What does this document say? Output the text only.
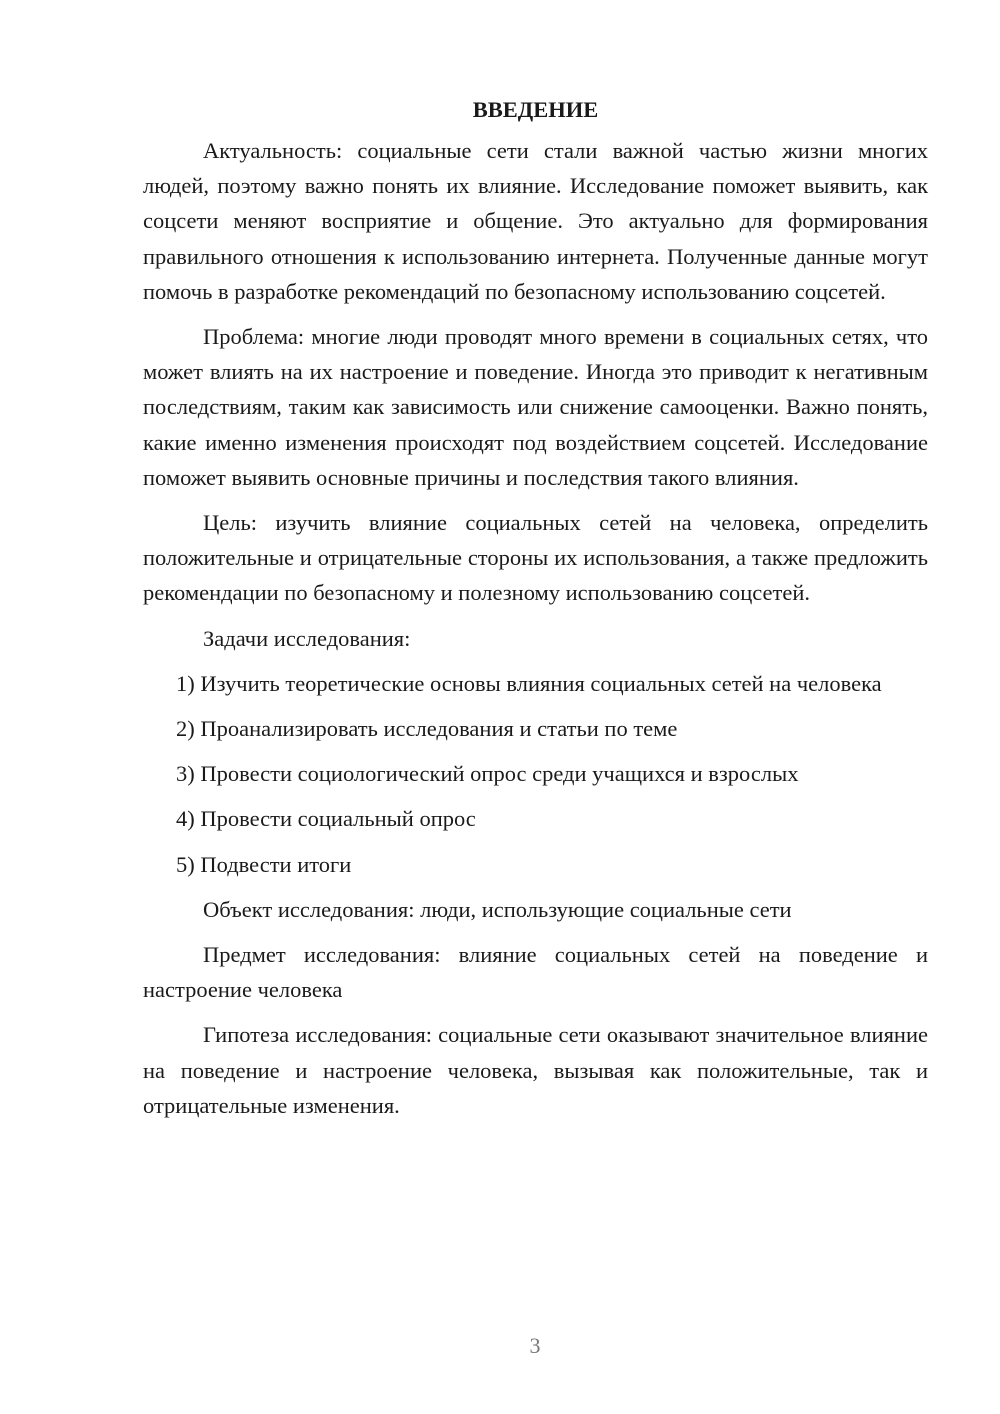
ВВЕДЕНИЕ

Актуальность: социальные сети стали важной частью жизни многих людей, поэтому важно понять их влияние. Исследование поможет выявить, как соцсети меняют восприятие и общение. Это актуально для формирования правильного отношения к использованию интернета. Полученные данные могут помочь в разработке рекомендаций по безопасному использованию соцсетей.

Проблема: многие люди проводят много времени в социальных сетях, что может влиять на их настроение и поведение. Иногда это приводит к негативным последствиям, таким как зависимость или снижение самооценки. Важно понять, какие именно изменения происходят под воздействием соцсетей. Исследование поможет выявить основные причины и последствия такого влияния.

Цель: изучить влияние социальных сетей на человека, определить положительные и отрицательные стороны их использования, а также предложить рекомендации по безопасному и полезному использованию соцсетей.

Задачи исследования:

1) Изучить теоретические основы влияния социальных сетей на человека

2) Проанализировать исследования и статьи по теме

3) Провести социологический опрос среди учащихся и взрослых

4) Провести социальный опрос

5) Подвести итоги

Объект исследования: люди, использующие социальные сети

Предмет исследования: влияние социальных сетей на поведение и настроение человека

Гипотеза исследования: социальные сети оказывают значительное влияние на поведение и настроение человека, вызывая как положительные, так и отрицательные изменения.

3
